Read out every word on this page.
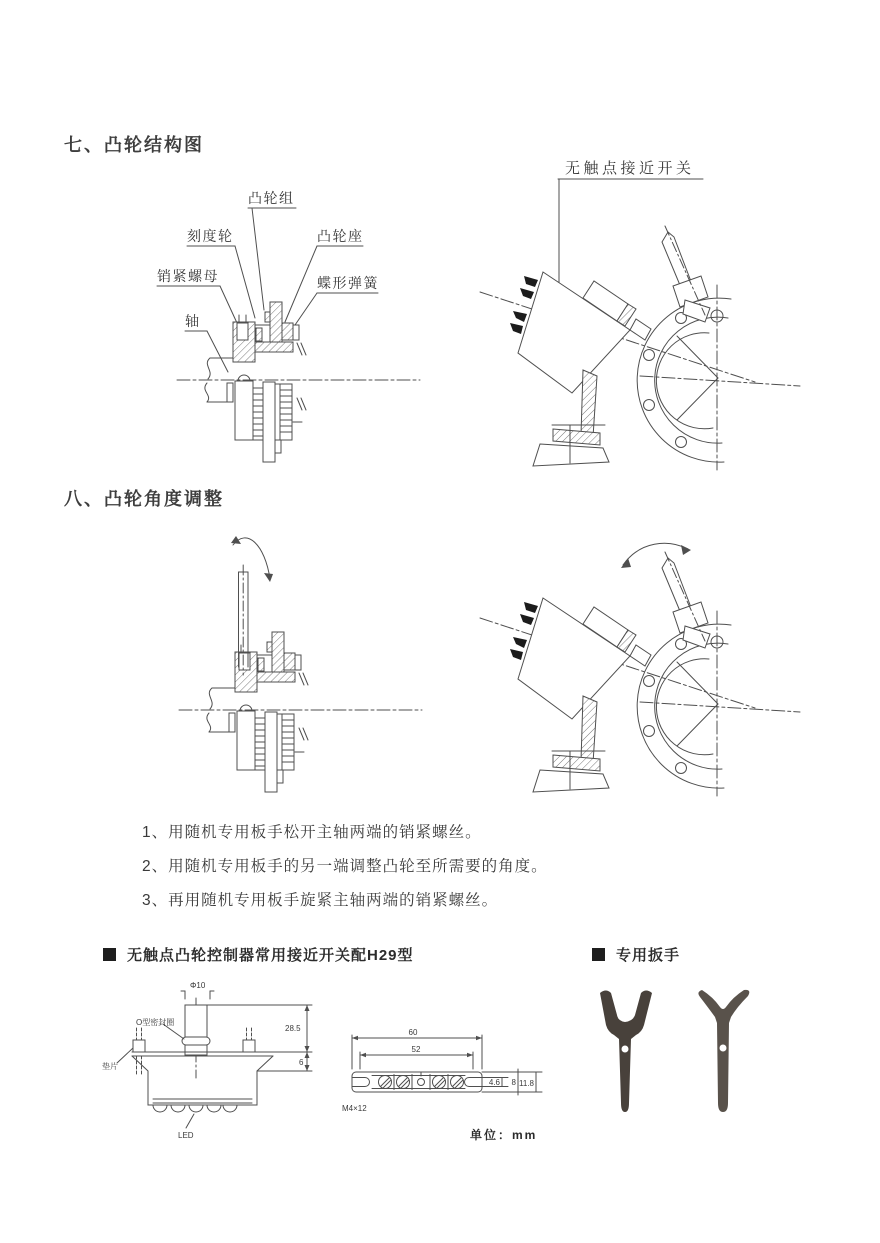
七、凸轮结构图
凸轮组
刻度轮	凸轮座
销紧螺母	蝶形弹簧
轴
无触点接近开关
八、凸轮角度调整
1、用随机专用板手松开主轴两端的销紧螺丝。
2、用随机专用板手的另一端调整凸轮至所需要的角度。
3、再用随机专用板手旋紧主轴两端的销紧螺丝。
无触点凸轮控制器常用接近开关配H29型	专用扳手
Φ10
O型密封圈
垫片
LED
28.5
6
60
52
M4×12
4.6 8 11.8
单位：mm
